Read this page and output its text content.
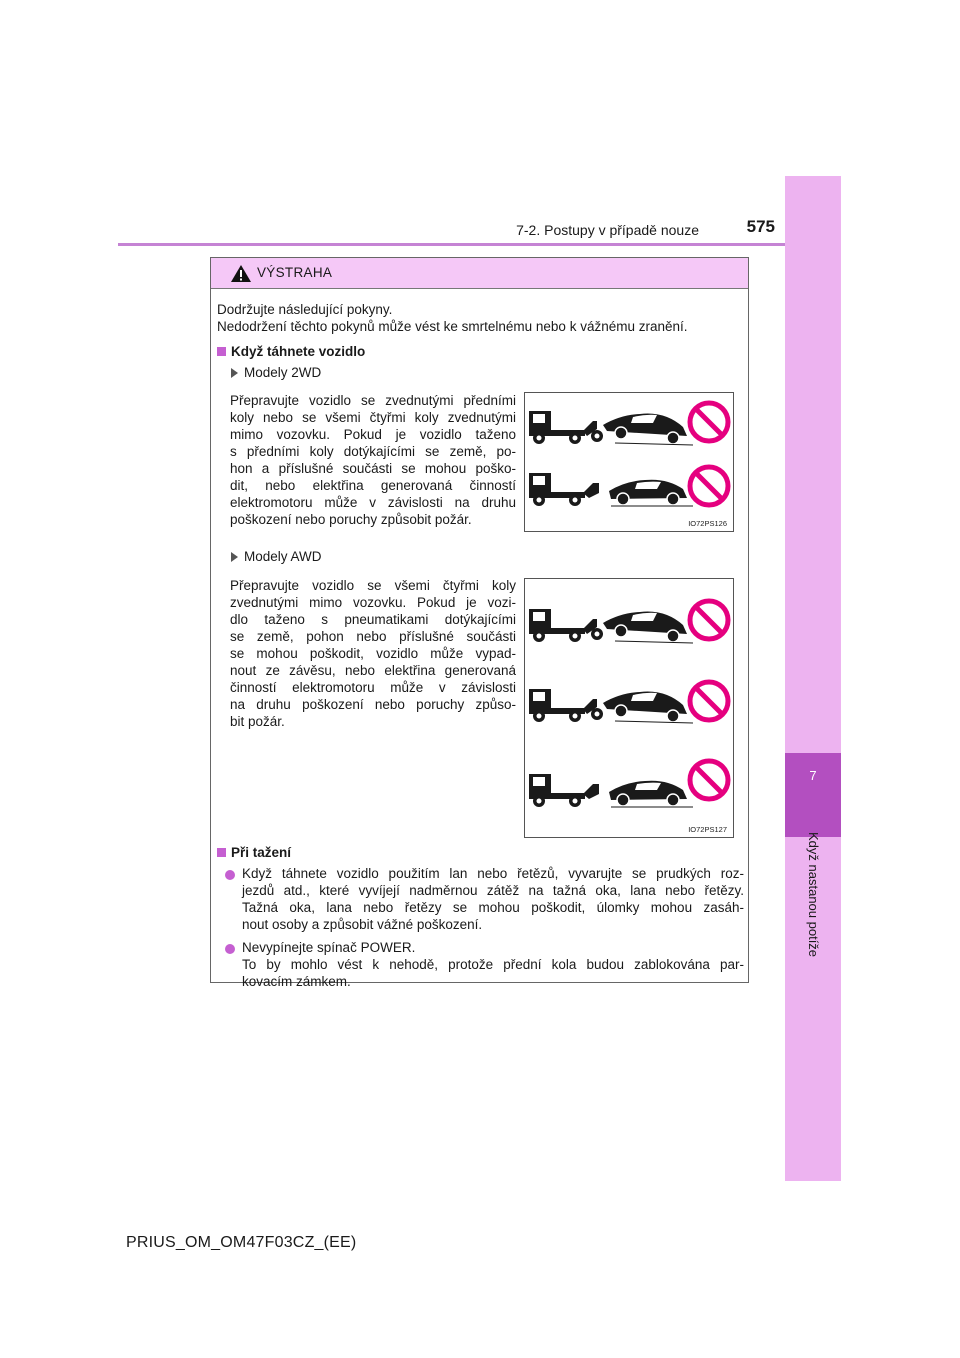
7
Když nastanou potíže
7-2. Postupy v případě nouze	575
VÝSTRAHA
Dodržujte následující pokyny.
Nedodržení těchto pokynů může vést ke smrtelnému nebo k vážnému zranění.
Když táhnete vozidlo
Modely 2WD
Přepravujte vozidlo se zvednutými předními
koly nebo se všemi čtyřmi koly zvednutými
mimo vozovku. Pokud je vozidlo taženo
s předními koly dotýkajícími se země, po-
hon a příslušné součásti se mohou poško-
dit, nebo elektřina generovaná činností
elektromotoru může v závislosti na druhu
poškození nebo poruchy způsobit požár.	IO72PS126
Modely AWD
Přepravujte vozidlo se všemi čtyřmi koly
zvednutými mimo vozovku. Pokud je vozi-
dlo taženo s pneumatikami dotýkajícími
se země, pohon nebo příslušné součásti
se mohou poškodit, vozidlo může vypad-
nout ze závěsu, nebo elektřina generovaná
činností elektromotoru může v závislosti
na druhu poškození nebo poruchy způso-
bit požár.
IO72PS127
Při tažení
Když táhnete vozidlo použitím lan nebo řetězů, vyvarujte se prudkých roz-
jezdů atd., které vyvíjejí nadměrnou zátěž na tažná oka, lana nebo řetězy.
Tažná oka, lana nebo řetězy se mohou poškodit, úlomky mohou zasáh-
nout osoby a způsobit vážné poškození.
Nevypínejte spínač POWER.
To by mohlo vést k nehodě, protože přední kola budou zablokována par-
kovacím zámkem.
PRIUS_OM_OM47F03CZ_(EE)
